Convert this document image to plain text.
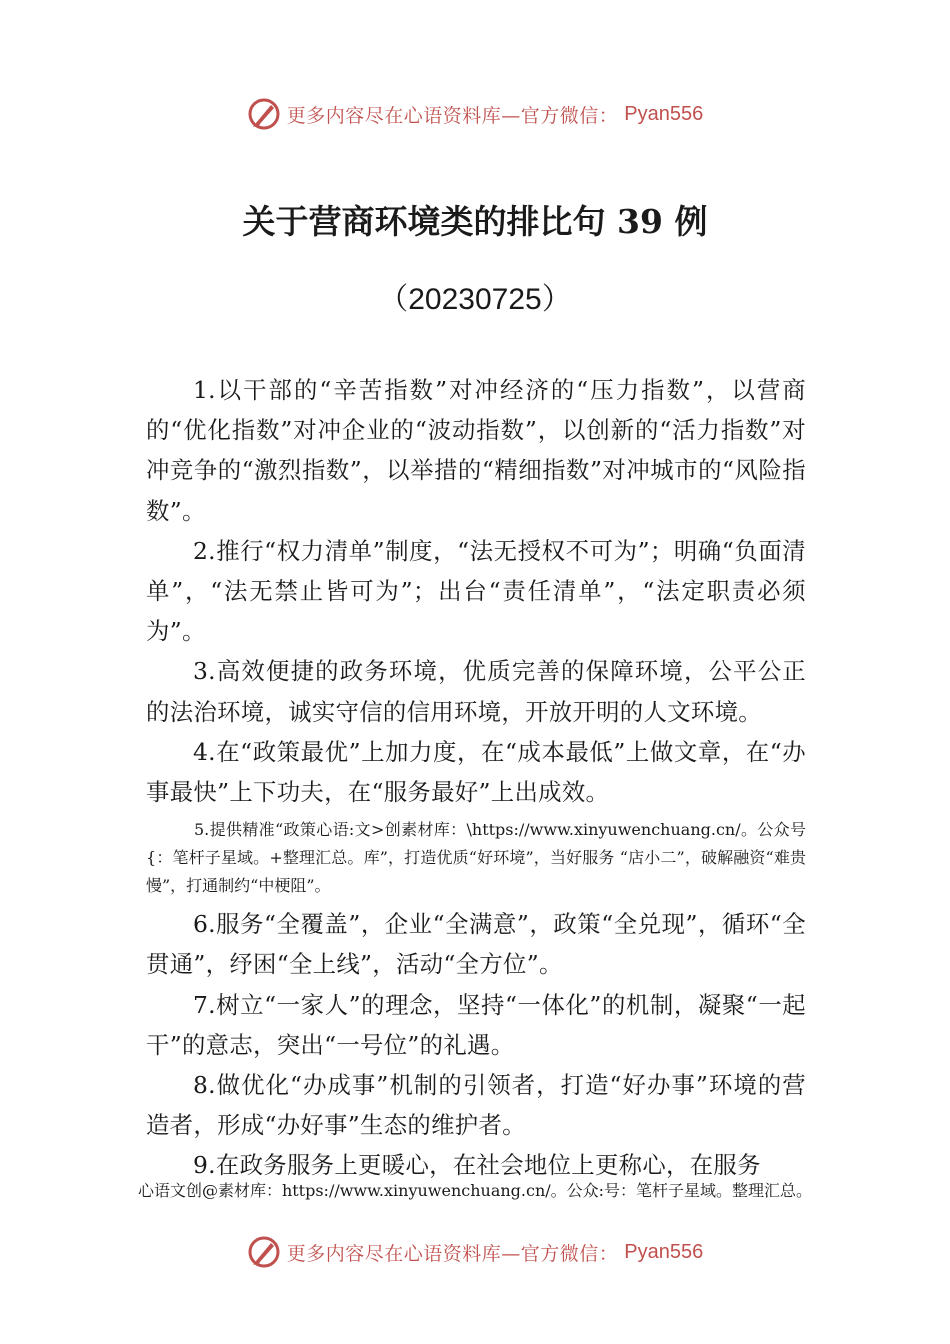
更多内容尽在心语资料库—官方微信： Pyan556
关于营商环境类的排比句 39 例
（20230725）

1.以干部的“辛苦指数”对冲经济的“压力指数”，以营商的“优化指数”对冲企业的“波动指数”，以创新的“活力指数”对冲竞争的“激烈指数”，以举措的“精细指数”对冲城市的“风险指数”。

2.推行“权力清单”制度，“法无授权不可为”；明确“负面清单”，“法无禁止皆可为”；出台“责任清单”，“法定职责必须为”。

3.高效便捷的政务环境，优质完善的保障环境，公平公正的法治环境，诚实守信的信用环境，开放开明的人文环境。

4.在“政策最优”上加力度，在“成本最低”上做文章，在“办事最快”上下功夫，在“服务最好”上出成效。

5.提供精准“政策心语:文>创素材库：\https://www.xinyuwenchuang.cn/。公众号{：笔杆子星域。+整理汇总。库”，打造优质“好环境”，当好服务 “店小二”，破解融资“难贵慢”，打通制约“中梗阻”。

6.服务“全覆盖”，企业“全满意”，政策“全兑现”，循环“全贯通”，纾困“全上线”，活动“全方位”。

7.树立“一家人”的理念，坚持“一体化”的机制，凝聚“一起干”的意志，突出“一号位”的礼遇。

8.做优化“办成事”机制的引领者，打造“好办事”环境的营造者，形成“办好事”生态的维护者。

9.在政务服务上更暖心，在社会地位上更称心，在服务

心语文创@素材库：https://www.xinyuwenchuang.cn/。公众:号：笔杆子星域。整理汇总。
更多内容尽在心语资料库—官方微信： Pyan556
